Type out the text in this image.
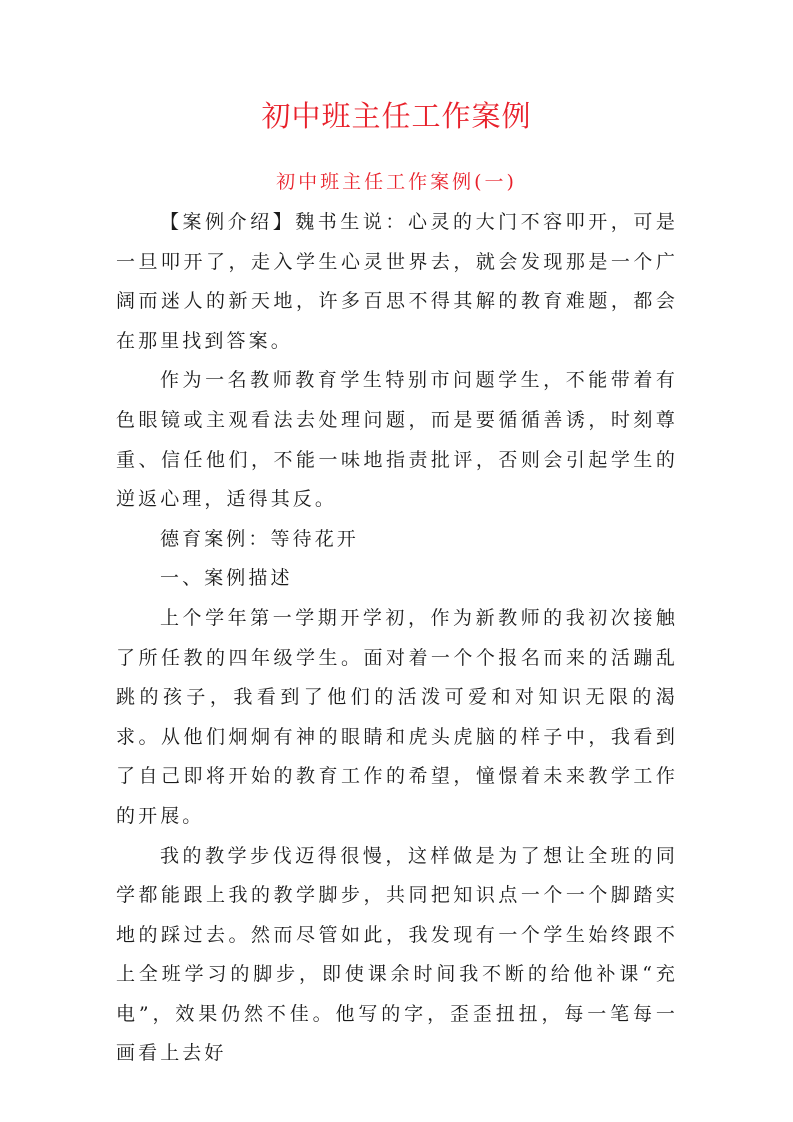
初中班主任工作案例
初中班主任工作案例(一)

【案例介绍】魏书生说：心灵的大门不容叩开，可是一旦叩开了，走入学生心灵世界去，就会发现那是一个广阔而迷人的新天地，许多百思不得其解的教育难题，都会在那里找到答案。

作为一名教师教育学生特别市问题学生，不能带着有色眼镜或主观看法去处理问题，而是要循循善诱，时刻尊重、信任他们，不能一味地指责批评，否则会引起学生的逆返心理，适得其反。

德育案例：等待花开

一、案例描述

上个学年第一学期开学初，作为新教师的我初次接触了所任教的四年级学生。面对着一个个报名而来的活蹦乱跳的孩子，我看到了他们的活泼可爱和对知识无限的渴求。从他们炯炯有神的眼睛和虎头虎脑的样子中，我看到了自己即将开始的教育工作的希望，憧憬着未来教学工作的开展。

我的教学步伐迈得很慢，这样做是为了想让全班的同学都能跟上我的教学脚步，共同把知识点一个一个脚踏实地的踩过去。然而尽管如此，我发现有一个学生始终跟不上全班学习的脚步，即使课余时间我不断的给他补课“充电”，效果仍然不佳。他写的字，歪歪扭扭，每一笔每一画看上去好
